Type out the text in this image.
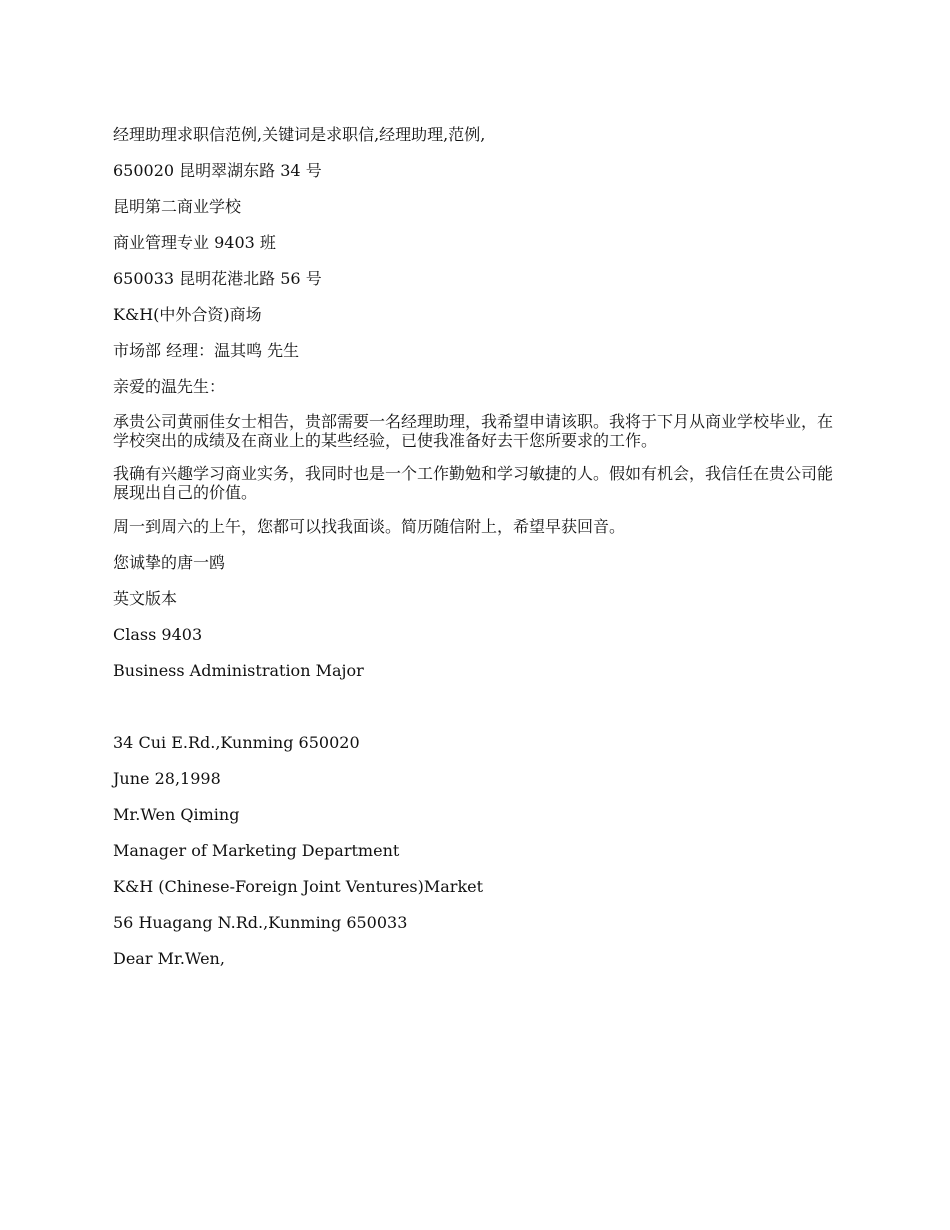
经理助理求职信范例,关键词是求职信,经理助理,范例,

650020 昆明翠湖东路 34 号

昆明第二商业学校

商业管理专业 9403 班

650033 昆明花港北路 56 号

K&H(中外合资)商场

市场部 经理：温其鸣 先生

亲爱的温先生：

承贵公司黄丽佳女士相告，贵部需要一名经理助理，我希望申请该职。我将于下月从商业学校毕业，在学校突出的成绩及在商业上的某些经验，已使我准备好去干您所要求的工作。

我确有兴趣学习商业实务，我同时也是一个工作勤勉和学习敏捷的人。假如有机会，我信任在贵公司能展现出自己的价值。

周一到周六的上午，您都可以找我面谈。简历随信附上，希望早获回音。

您诚挚的唐一鸥

英文版本

Class 9403

Business Administration Major

34 Cui E.Rd.,Kunming 650020

June 28,1998

Mr.Wen Qiming

Manager of Marketing Department

K&H (Chinese-Foreign Joint Ventures)Market

56 Huagang N.Rd.,Kunming 650033

Dear Mr.Wen,
